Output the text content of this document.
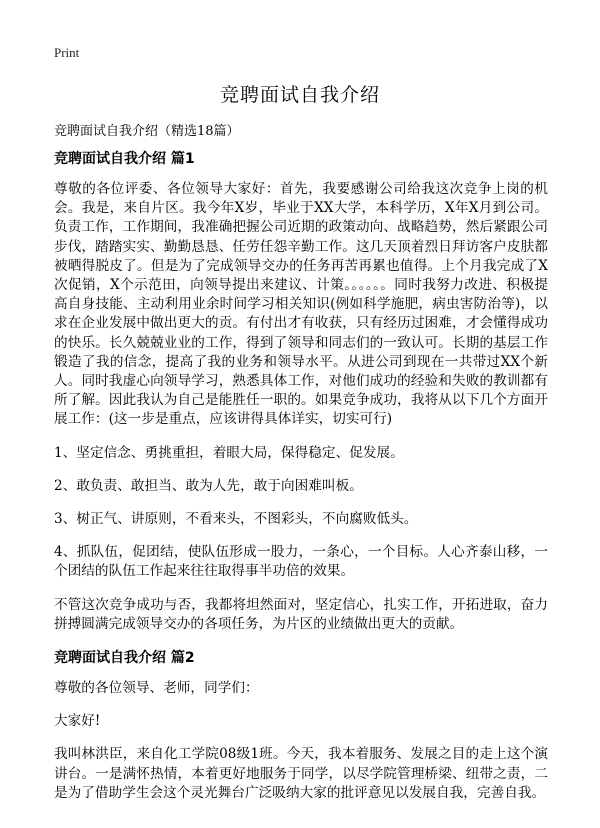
Print
竞聘面试自我介绍

竞聘面试自我介绍（精选18篇）

竞聘面试自我介绍 篇1

尊敬的各位评委、各位领导大家好：首先，我要感谢公司给我这次竞争上岗的机会。我是，来自片区。我今年X岁，毕业于XX大学，本科学历，X年X月到公司。负责工作，工作期间，我准确把握公司近期的政策动向、战略趋势，然后紧跟公司步伐，踏踏实实、勤勤恳恳、任劳任怨辛勤工作。这几天顶着烈日拜访客户皮肤都被晒得脱皮了。但是为了完成领导交办的任务再苦再累也值得。上个月我完成了X次促销，X个示范田，向领导提出来建议、计策。。。。。。同时我努力改进、积极提高自身技能、主动利用业余时间学习相关知识(例如科学施肥，病虫害防治等)，以求在企业发展中做出更大的贡。有付出才有收获，只有经历过困难，才会懂得成功的快乐。长久兢兢业业的工作，得到了领导和同志们的一致认可。长期的基层工作锻造了我的信念，提高了我的业务和领导水平。从进公司到现在一共带过XX个新人。同时我虚心向领导学习，熟悉具体工作，对他们成功的经验和失败的教训都有所了解。因此我认为自己是能胜任一职的。如果竞争成功，我将从以下几个方面开展工作：(这一步是重点，应该讲得具体详实，切实可行)

1、坚定信念、勇挑重担，着眼大局，保得稳定、促发展。

2、敢负责、敢担当、敢为人先，敢于向困难叫板。

3、树正气、讲原则，不看来头，不图彩头，不向腐败低头。

4、抓队伍，促团结，使队伍形成一股力，一条心，一个目标。人心齐泰山移，一个团结的队伍工作起来往往取得事半功倍的效果。

不管这次竞争成功与否，我都将坦然面对，坚定信心，扎实工作，开拓进取，奋力拼搏圆满完成领导交办的各项任务，为片区的业绩做出更大的贡献。

竞聘面试自我介绍 篇2

尊敬的各位领导、老师，同学们：

大家好!

我叫林洪臣，来自化工学院08级1班。今天，我本着服务、发展之目的走上这个演讲台。一是满怀热情，本着更好地服务于同学，以尽学院管理桥梁、纽带之责，二是为了借助学生会这个灵光舞台广泛吸纳大家的批评意见以发展自我，完善自我。
